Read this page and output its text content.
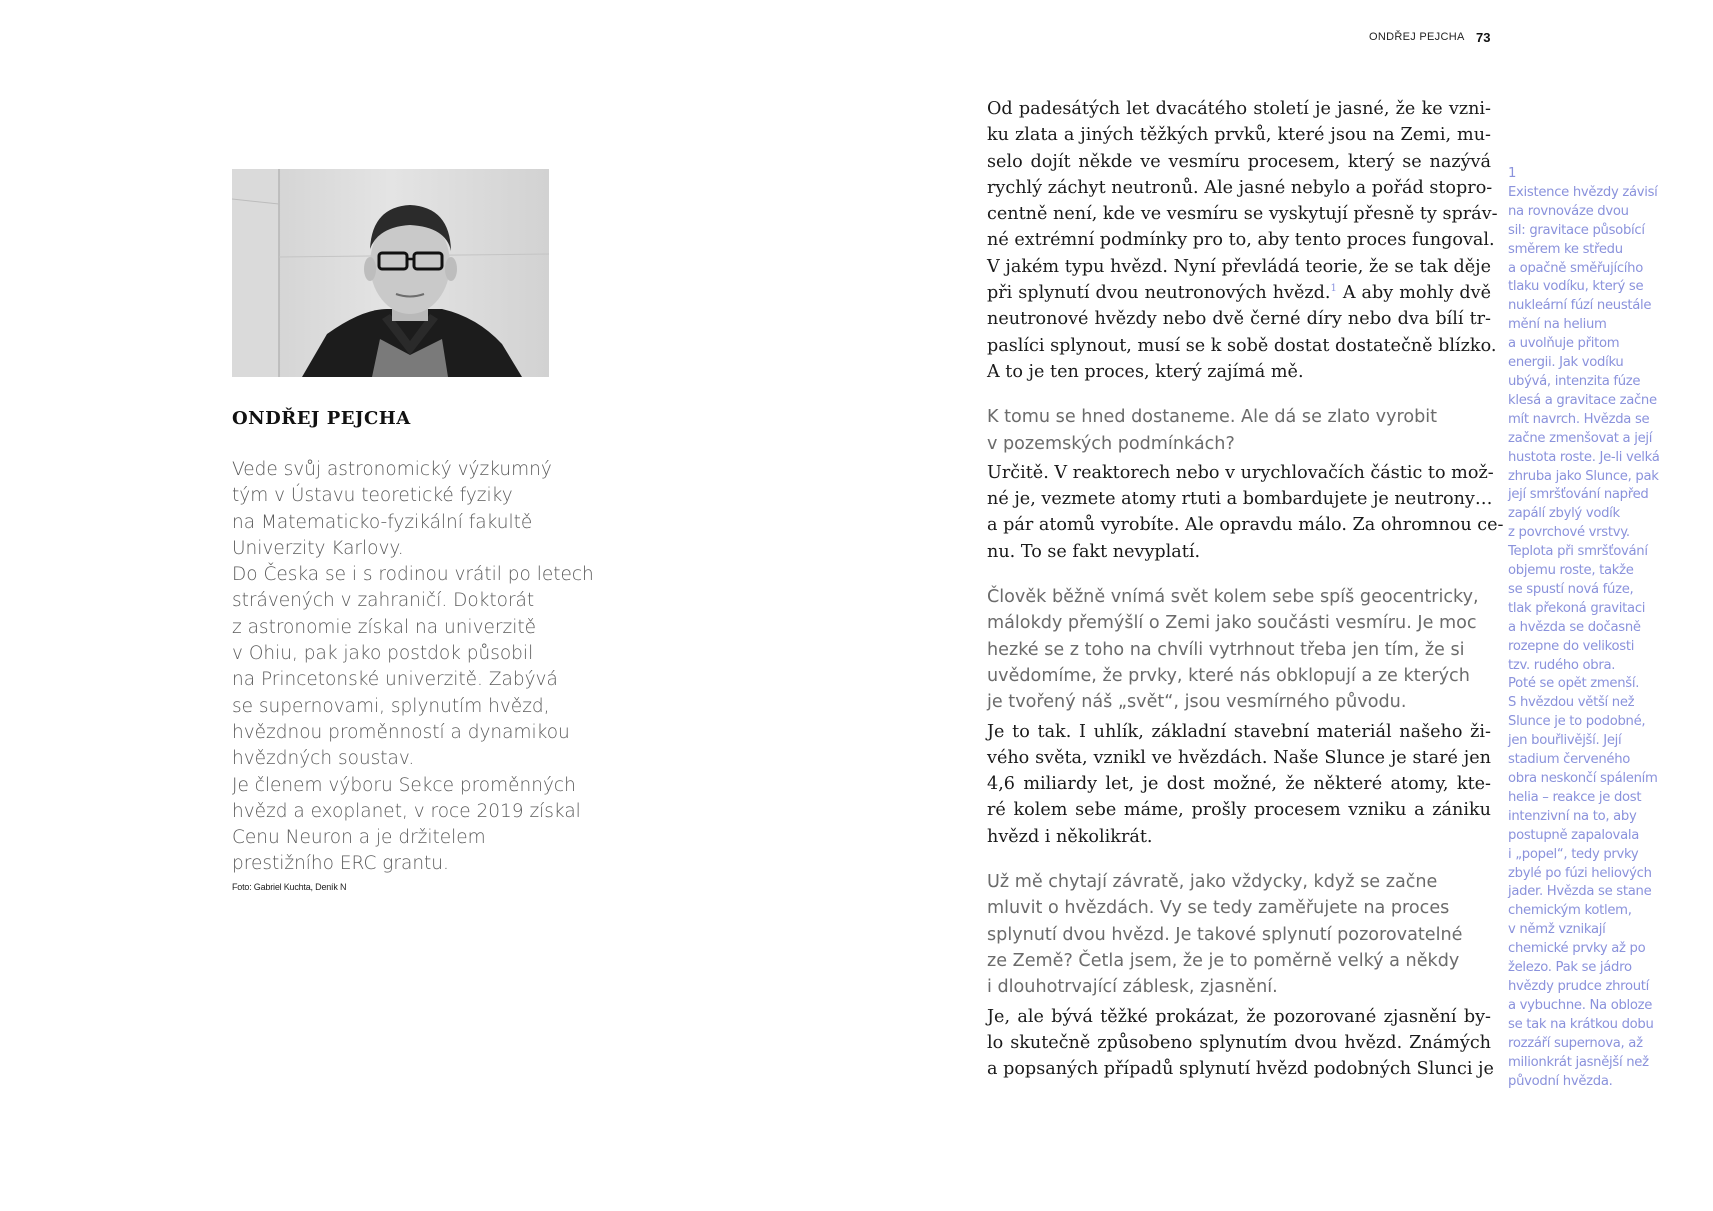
ONDŘEJ PEJCHA 73
ONDŘEJ PEJCHA

Vede svůj astronomický výzkumný

tým v Ústavu teoretické fyziky

na Matematicko-fyzikální fakultě

Univerzity Karlovy.

Do Česka se i s rodinou vrátil po letech

strávených v zahraničí. Doktorát

z astronomie získal na univerzitě

v Ohiu, pak jako postdok působil

na Princetonské univerzitě. Zabývá

se supernovami, splynutím hvězd,

hvězdnou proměnností a dynamikou

hvězdných soustav.

Je členem výboru Sekce proměnných

hvězd a exoplanet, v roce 2019 získal

Cenu Neuron a je držitelem

prestižního ERC grantu.

Foto: Gabriel Kuchta, Deník N

Od padesátých let dvacátého století je jasné, že ke vzni-
ku zlata a jiných těžkých prvků, které jsou na Zemi, mu-
selo dojít někde ve vesmíru procesem, který se nazývá
rychlý záchyt neutronů. Ale jasné nebylo a pořád stopro-
centně není, kde ve vesmíru se vyskytují přesně ty správ-
né extrémní podmínky pro to, aby tento proces fungoval.
V jakém typu hvězd. Nyní převládá teorie, že se tak děje
při splynutí dvou neutronových hvězd.$^1$ A aby mohly dvě
neutronové hvězdy nebo dvě černé díry nebo dva bílí tr-
paslíci splynout, musí se k sobě dostat dostatečně blízko.
A to je ten proces, který zajímá mě.

K tomu se hned dostaneme. Ale dá se zlato vyrobit
v pozemských podmínkách?

Určitě. V reaktorech nebo v urychlovačích částic to mož-
né je, vezmete atomy rtuti a bombardujete je neutrony…
a pár atomů vyrobíte. Ale opravdu málo. Za ohromnou ce-
nu. To se fakt nevyplatí.

Člověk běžně vnímá svět kolem sebe spíš geocentricky,
málokdy přemýšlí o Zemi jako součásti vesmíru. Je moc
hezké se z toho na chvíli vytrhnout třeba jen tím, že si
uvědomíme, že prvky, které nás obklopují a ze kterých
je tvořený náš „svět“, jsou vesmírného původu.

Je to tak. I uhlík, základní stavební materiál našeho ži-
vého světa, vznikl ve hvězdách. Naše Slunce je staré jen
4,6 miliardy let, je dost možné, že některé atomy, kte-
ré kolem sebe máme, prošly procesem vzniku a zániku
hvězd i několikrát.

Už mě chytají závratě, jako vždycky, když se začne
mluvit o hvězdách. Vy se tedy zaměřujete na proces
splynutí dvou hvězd. Je takové splynutí pozorovatelné
ze Země? Četla jsem, že je to poměrně velký a někdy
i dlouhotrvající záblesk, zjasnění.

Je, ale bývá těžké prokázat, že pozorované zjasnění by-
lo skutečně způsobeno splynutím dvou hvězd. Známých
a popsaných případů splynutí hvězd podobných Slunci je

1
Existence hvězdy závisí
na rovnováze dvou
sil: gravitace působící
směrem ke středu
a opačně směřujícího
tlaku vodíku, který se
nukleární fúzí neustále
mění na helium
a uvolňuje přitom
energii. Jak vodíku
ubývá, intenzita fúze
klesá a gravitace začne
mít navrch. Hvězda se
začne zmenšovat a její
hustota roste. Je-li velká
zhruba jako Slunce, pak
její smršťování napřed
zapálí zbylý vodík
z povrchové vrstvy.
Teplota při smršťování
objemu roste, takže
se spustí nová fúze,
tlak překoná gravitaci
a hvězda se dočasně
rozepne do velikosti
tzv. rudého obra.
Poté se opět zmenší.
S hvězdou větší než
Slunce je to podobné,
jen bouřlivější. Její
stadium červeného
obra neskončí spálením
helia – reakce je dost
intenzivní na to, aby
postupně zapalovala
i „popel“, tedy prvky
zbylé po fúzi heliových
jader. Hvězda se stane
chemickým kotlem,
v němž vznikají
chemické prvky až po
železo. Pak se jádro
hvězdy prudce zhroutí
a vybuchne. Na obloze
se tak na krátkou dobu
rozzáří supernova, až
milionkrát jasnější než
původní hvězda.
